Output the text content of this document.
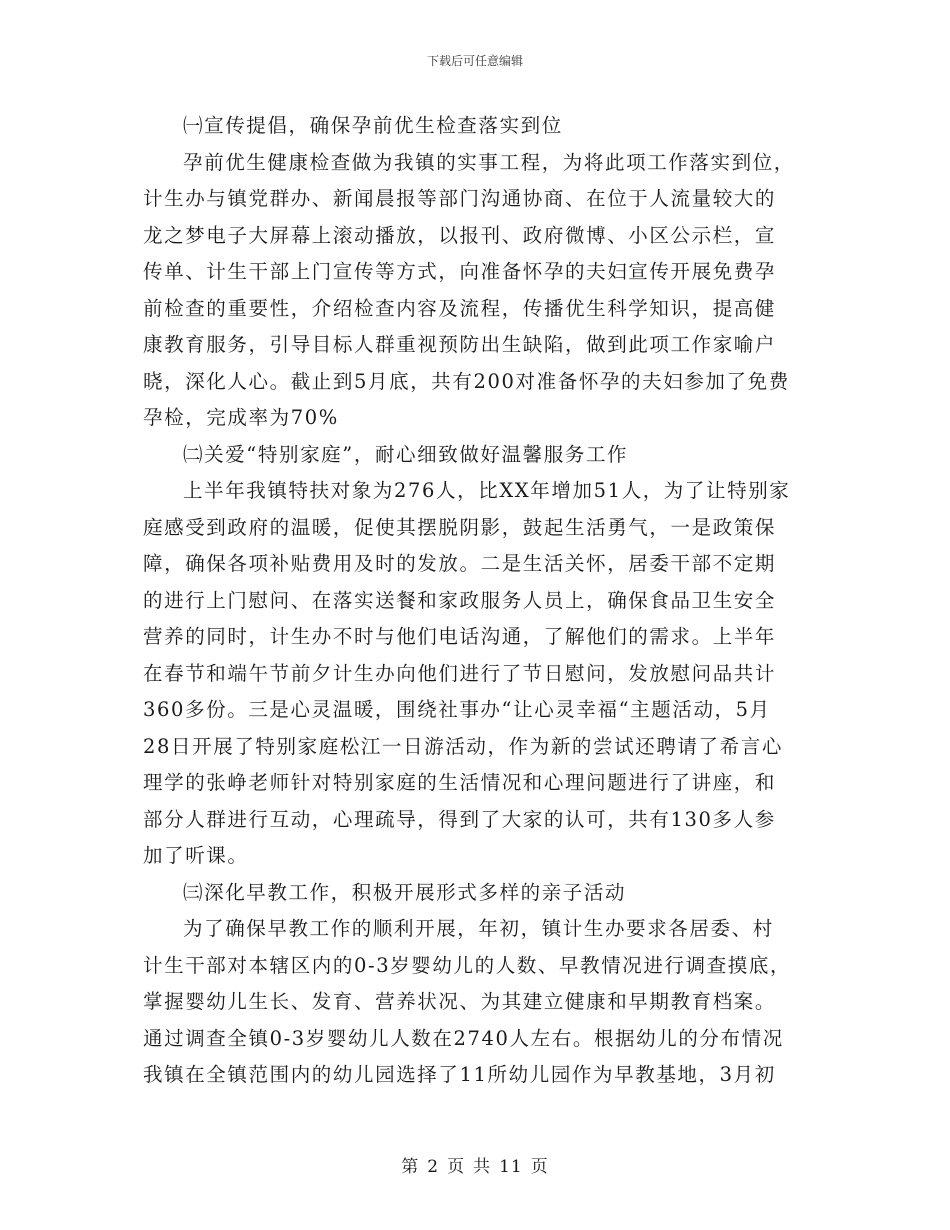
下载后可任意编辑
㈠宣传提倡，确保孕前优生检查落实到位
孕前优生健康检查做为我镇的实事工程，为将此项工作落实到位，
计生办与镇党群办、新闻晨报等部门沟通协商、在位于人流量较大的
龙之梦电子大屏幕上滚动播放，以报刊、政府微博、小区公示栏，宣
传单、计生干部上门宣传等方式，向准备怀孕的夫妇宣传开展免费孕
前检查的重要性，介绍检查内容及流程，传播优生科学知识，提高健
康教育服务，引导目标人群重视预防出生缺陷，做到此项工作家喻户
晓，深化人心。截止到5月底，共有200对准备怀孕的夫妇参加了免费
孕检，完成率为70%
㈡关爱“特别家庭”，耐心细致做好温馨服务工作
上半年我镇特扶对象为276人，比XX年增加51人，为了让特别家
庭感受到政府的温暖，促使其摆脱阴影，鼓起生活勇气，一是政策保
障，确保各项补贴费用及时的发放。二是生活关怀，居委干部不定期
的进行上门慰问、在落实送餐和家政服务人员上，确保食品卫生安全
营养的同时，计生办不时与他们电话沟通，了解他们的需求。上半年
在春节和端午节前夕计生办向他们进行了节日慰问，发放慰问品共计
360多份。三是心灵温暖，围绕社事办“让心灵幸福“主题活动，5月
28日开展了特别家庭松江一日游活动，作为新的尝试还聘请了希言心
理学的张峥老师针对特别家庭的生活情况和心理问题进行了讲座，和
部分人群进行互动，心理疏导，得到了大家的认可，共有130多人参
加了听课。
㈢深化早教工作，积极开展形式多样的亲子活动
为了确保早教工作的顺利开展，年初，镇计生办要求各居委、村
计生干部对本辖区内的0-3岁婴幼儿的人数、早教情况进行调查摸底，
掌握婴幼儿生长、发育、营养状况、为其建立健康和早期教育档案。
通过调查全镇0-3岁婴幼儿人数在2740人左右。根据幼儿的分布情况
我镇在全镇范围内的幼儿园选择了11所幼儿园作为早教基地，3月初
第 2 页 共 11 页
